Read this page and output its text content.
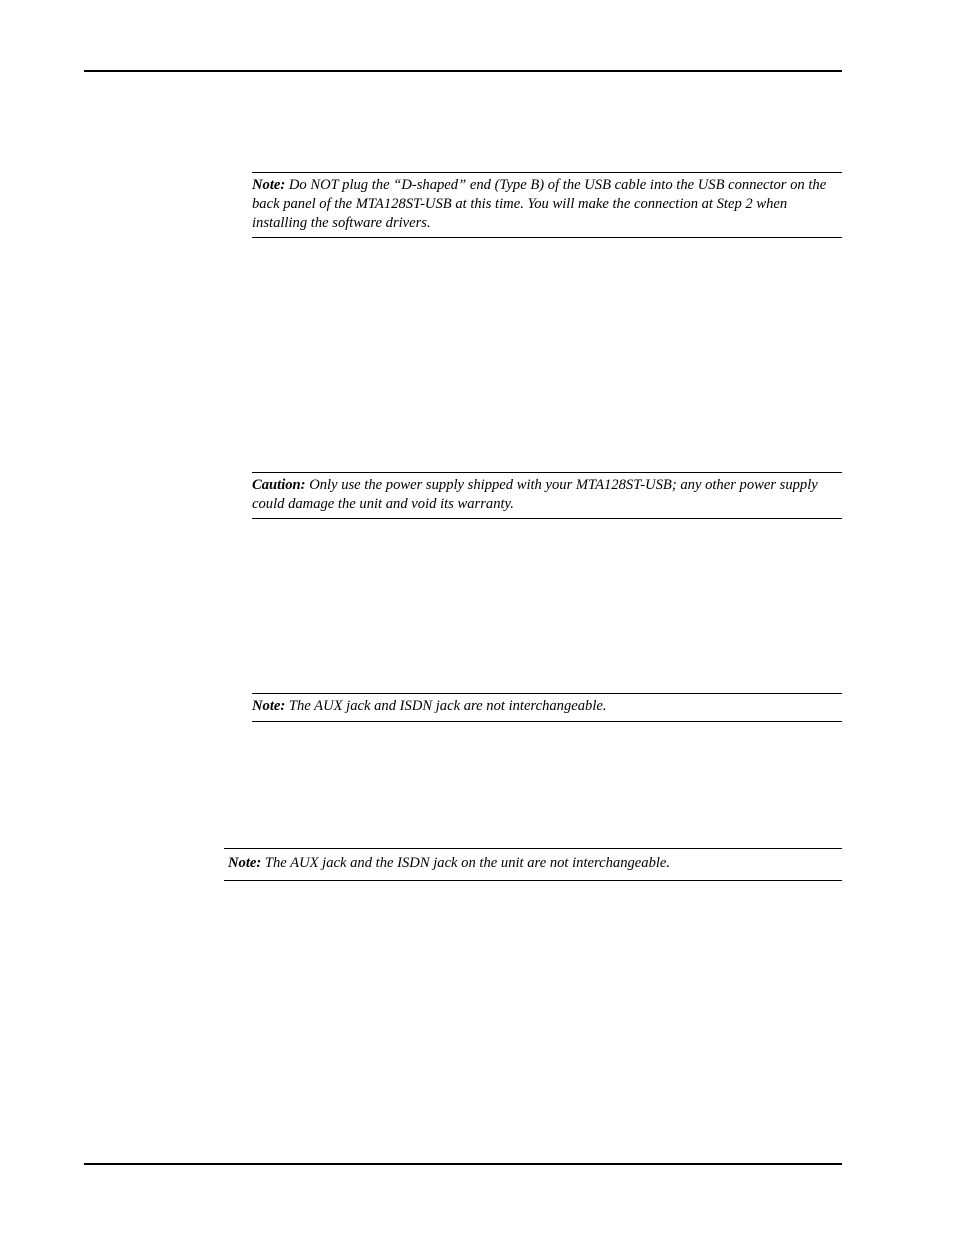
Note: Do NOT plug the “D-shaped” end (Type B) of the USB cable into the USB connector on the back panel of the MTA128ST-USB at this time. You will make the connection at Step 2 when installing the software drivers.
Caution: Only use the power supply shipped with your MTA128ST-USB; any other power supply could damage the unit and void its warranty.
Note: The AUX jack and ISDN jack are not interchangeable.
Note: The AUX jack and the ISDN jack on the unit are not interchangeable.
